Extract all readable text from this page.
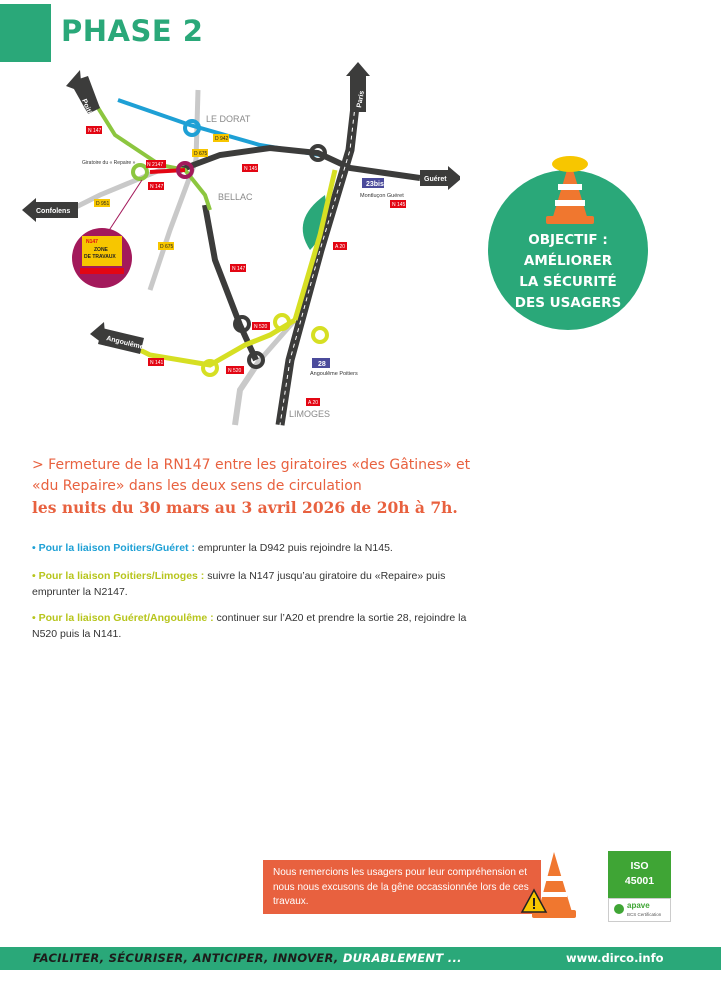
PHASE 2
Poitiers	Paris
Guéret
Confolens
Angoulême
LE DORAT
BELLAC
LIMOGES
Giratoire du « Repaire »
Montluçon Guéret
Angoulême Poitiers
N 147
D 942
D 675
N 2147
N 145
N 147
D 951	N 145
D 675	A 20
N 147
N 520
N 141
N 520
A 20
23bis
28
N147
ZONE
DE TRAVAUX
OBJECTIF :
AMÉLIORER
LA SÉCURITÉ
DES USAGERS
> Fermeture de la RN147 entre les giratoires «des Gâtines» et «du Repaire» dans les deux sens de circulation
les nuits du 30 mars au 3 avril 2026 de 20h à 7h.
• Pour la liaison Poitiers/Guéret : emprunter la D942 puis rejoindre la N145.
• Pour la liaison Poitiers/Limoges : suivre la N147 jusqu’au giratoire du «Repaire» puis emprunter la N2147.
• Pour la liaison Guéret/Angoulême : continuer sur l’A20 et prendre la sortie 28, rejoindre la N520 puis la N141.
Nous remercions les usagers pour leur compréhension et nous nous excusons de la gêne occassionnée lors de ces travaux.
ISO
45001
apave
BCS Certification
FACILITER, SÉCURISER, ANTICIPER, INNOVER, DURABLEMENT ...	www.dirco.info
